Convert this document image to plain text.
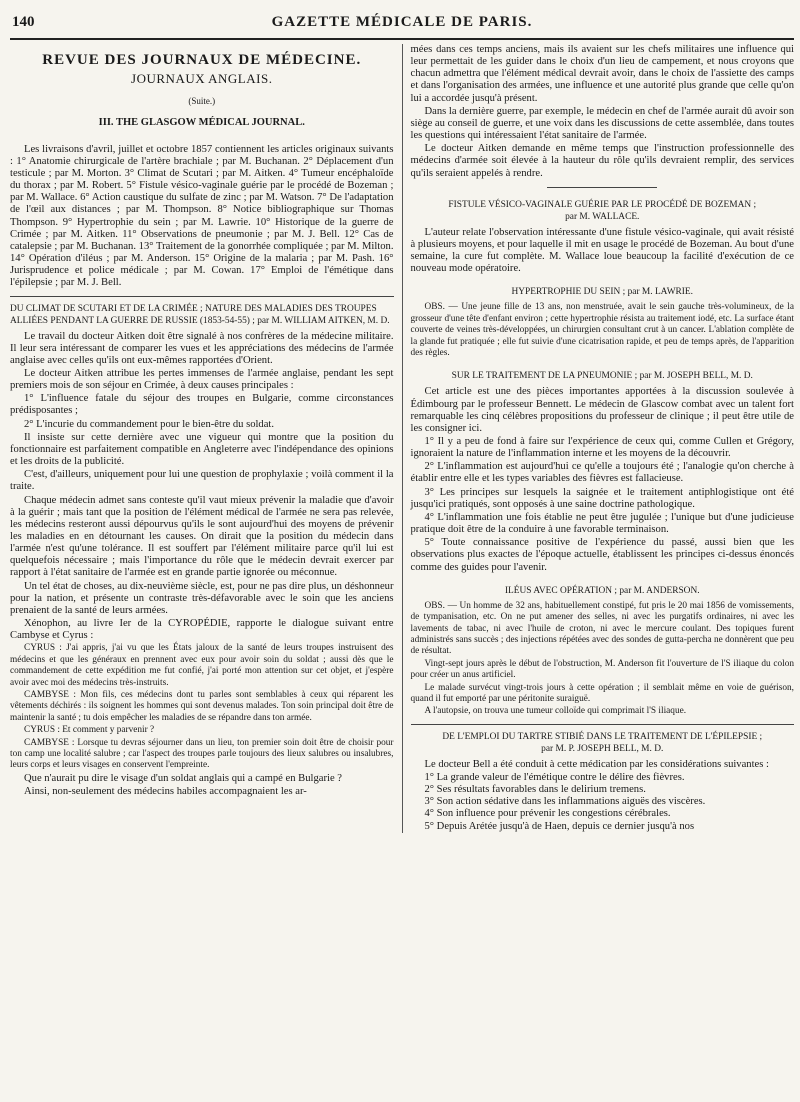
140	GAZETTE MÉDICALE DE PARIS.
REVUE DES JOURNAUX DE MÉDECINE.
JOURNAUX ANGLAIS.
(Suite.)
III. THE GLASGOW MÉDICAL JOURNAL.

Les livraisons d'avril, juillet et octobre 1857 contiennent les articles originaux suivants : 1° Anatomie chirurgicale de l'artère brachiale ; par M. Buchanan. 2° Déplacement d'un testicule ; par M. Morton. 3° Climat de Scutari ; par M. Aitken. 4° Tumeur encéphaloïde du thorax ; par M. Robert. 5° Fistule vésico-vaginale guérie par le procédé de Bozeman ; par M. Wallace. 6° Action caustique du sulfate de zinc ; par M. Watson. 7° De l'adaptation de l'œil aux distances ; par M. Thompson. 8° Notice bibliographique sur Thomas Thompson. 9° Hypertrophie du sein ; par M. Lawrie. 10° Historique de la guerre de Crimée ; par M. Aitken. 11° Observations de pneumonie ; par M. J. Bell. 12° Cas de catalepsie ; par M. Buchanan. 13° Traitement de la gonorrhée compliquée ; par M. Milton. 14° Opération d'iléus ; par M. Anderson. 15° Origine de la malaria ; par M. Pash. 16° Jurisprudence et police médicale ; par M. Cowan. 17° Emploi de l'émétique dans l'épilepsie ; par M. J. Bell.

DU CLIMAT DE SCUTARI ET DE LA CRIMÉE ; NATURE DES MALADIES DES TROUPES ALLIÉES PENDANT LA GUERRE DE RUSSIE (1853-54-55) ; par M. WILLIAM AITKEN, M. D.

Le travail du docteur Aitken doit être signalé à nos confrères de la médecine militaire. Il leur sera intéressant de comparer les vues et les appréciations des médecins de l'armée anglaise avec celles qu'ils ont eux-mêmes rapportées d'Orient.

Le docteur Aitken attribue les pertes immenses de l'armée anglaise, pendant les sept premiers mois de son séjour en Crimée, à deux causes principales :

1° L'influence fatale du séjour des troupes en Bulgarie, comme circonstances prédisposantes ;

2° L'incurie du commandement pour le bien-être du soldat.

Il insiste sur cette dernière avec une vigueur qui montre que la position du fonctionnaire est parfaitement compatible en Angleterre avec l'indépendance des opinions et les droits de la publicité.

C'est, d'ailleurs, uniquement pour lui une question de prophylaxie ; voilà comment il la traite.

Chaque médecin admet sans conteste qu'il vaut mieux prévenir la maladie que d'avoir à la guérir ; mais tant que la position de l'élément médical de l'armée ne sera pas relevée, les médecins resteront aussi dépourvus qu'ils le sont aujourd'hui des moyens de prévenir les maladies en en détournant les causes. On dirait que la position du médecin dans l'armée n'est qu'une tolérance. Il est souffert par l'élément militaire parce qu'il lui est quelquefois nécessaire ; mais l'importance du rôle que le médecin devrait exercer par rapport à l'état sanitaire de l'armée est en grande partie ignorée ou méconnue.

Un tel état de choses, au dix-neuvième siècle, est, pour ne pas dire plus, un déshonneur pour la nation, et présente un contraste très-défavorable avec le soin que les anciens prenaient de la santé de leurs armées.

Xénophon, au livre Ier de la CYROPÉDIE, rapporte le dialogue suivant entre Cambyse et Cyrus :

CYRUS : J'ai appris, j'ai vu que les États jaloux de la santé de leurs troupes instruisent des médecins et que les généraux en prennent avec eux pour avoir soin du soldat ; aussi dès que le commandement de cette expédition me fut confié, j'ai porté mon attention sur cet objet, et j'espère avoir avec moi des médecins très-instruits.

CAMBYSE : Mon fils, ces médecins dont tu parles sont semblables à ceux qui réparent les vêtements déchirés : ils soignent les hommes qui sont devenus malades. Ton soin principal doit être de maintenir la santé ; tu dois empêcher les maladies de se répandre dans ton armée.

CYRUS : Et comment y parvenir ?

CAMBYSE : Lorsque tu devras séjourner dans un lieu, ton premier soin doit être de choisir pour ton camp une localité salubre ; car l'aspect des troupes parle toujours des lieux salubres ou insalubres, leurs corps et leurs visages en conservent l'empreinte.

Que n'aurait pu dire le visage d'un soldat anglais qui a campé en Bulgarie ?

Ainsi, non-seulement des médecins habiles accompagnaient les ar-

mées dans ces temps anciens, mais ils avaient sur les chefs militaires une influence qui leur permettait de les guider dans le choix d'un lieu de campement, et nous croyons que chacun admettra que l'élément médical devrait avoir, dans le choix de l'assiette des camps et dans l'organisation des armées, une influence et une autorité plus grande que celle qu'on lui a accordée jusqu'à présent.

Dans la dernière guerre, par exemple, le médecin en chef de l'armée aurait dû avoir son siège au conseil de guerre, et une voix dans les discussions de cette assemblée, dans toutes les questions qui intéressaient l'état sanitaire de l'armée.

Le docteur Aitken demande en même temps que l'instruction professionnelle des médecins d'armée soit élevée à la hauteur du rôle qu'ils devraient remplir, des services qu'ils seraient appelés à rendre.

FISTULE VÉSICO-VAGINALE GUÉRIE PAR LE PROCÉDÉ DE BOZEMAN ;
par M. WALLACE.

L'auteur relate l'observation intéressante d'une fistule vésico-vaginale, qui avait résisté à plusieurs moyens, et pour laquelle il mit en usage le procédé de Bozeman. Au bout d'une semaine, la cure fut complète. M. Wallace loue beaucoup la facilité d'exécution de ce nouveau mode opératoire.

HYPERTROPHIE DU SEIN ; par M. LAWRIE.

OBS. — Une jeune fille de 13 ans, non menstruée, avait le sein gauche très-volumineux, de la grosseur d'une tête d'enfant environ ; cette hypertrophie résista au traitement iodé, etc. La surface étant couverte de veines très-développées, un chirurgien consultant crut à un cancer. L'ablation complète de la glande fut pratiquée ; elle fut suivie d'une cicatrisation rapide, et peu de temps après, de l'apparition des règles.

SUR LE TRAITEMENT DE LA PNEUMONIE ; par M. JOSEPH BELL, M. D.

Cet article est une des pièces importantes apportées à la discussion soulevée à Édimbourg par le professeur Bennett. Le médecin de Glascow combat avec un talent fort remarquable les cinq célèbres propositions du professeur de clinique ; il peut être utile de les consigner ici.

1° Il y a peu de fond à faire sur l'expérience de ceux qui, comme Cullen et Grégory, ignoraient la nature de l'inflammation interne et les moyens de la découvrir.

2° L'inflammation est aujourd'hui ce qu'elle a toujours été ; l'analogie qu'on cherche à établir entre elle et les types variables des fièvres est fallacieuse.

3° Les principes sur lesquels la saignée et le traitement antiphlogistique ont été jusqu'ici pratiqués, sont opposés à une saine doctrine pathologique.

4° L'inflammation une fois établie ne peut être jugulée ; l'unique but d'une judicieuse pratique doit être de la conduire à une favorable terminaison.

5° Toute connaissance positive de l'expérience du passé, aussi bien que les observations plus exactes de l'époque actuelle, établissent les principes ci-dessus énoncés comme des guides pour l'avenir.

ILÉUS AVEC OPÉRATION ; par M. ANDERSON.

OBS. — Un homme de 32 ans, habituellement constipé, fut pris le 20 mai 1856 de vomissements, de tympanisation, etc. On ne put amener des selles, ni avec les purgatifs ordinaires, ni avec les lavements de tabac, ni avec l'huile de croton, ni avec le mercure coulant. Des topiques furent administrés sans succès ; des injections répétées avec des sondes de gutta-percha ne donnèrent que peu de résultat.

Vingt-sept jours après le début de l'obstruction, M. Anderson fit l'ouverture de l'S iliaque du colon pour créer un anus artificiel.

Le malade survécut vingt-trois jours à cette opération ; il semblait même en voie de guérison, quand il fut emporté par une péritonite suraiguë.

A l'autopsie, on trouva une tumeur colloïde qui comprimait l'S iliaque.

DE L'EMPLOI DU TARTRE STIBIÉ DANS LE TRAITEMENT DE L'ÉPILEPSIE ;
par M. P. JOSEPH BELL, M. D.

Le docteur Bell a été conduit à cette médication par les considérations suivantes :

1° La grande valeur de l'émétique contre le délire des fièvres.

2° Ses résultats favorables dans le delirium tremens.

3° Son action sédative dans les inflammations aiguës des viscères.

4° Son influence pour prévenir les congestions cérébrales.

5° Depuis Arétée jusqu'à de Haen, depuis ce dernier jusqu'à nos
